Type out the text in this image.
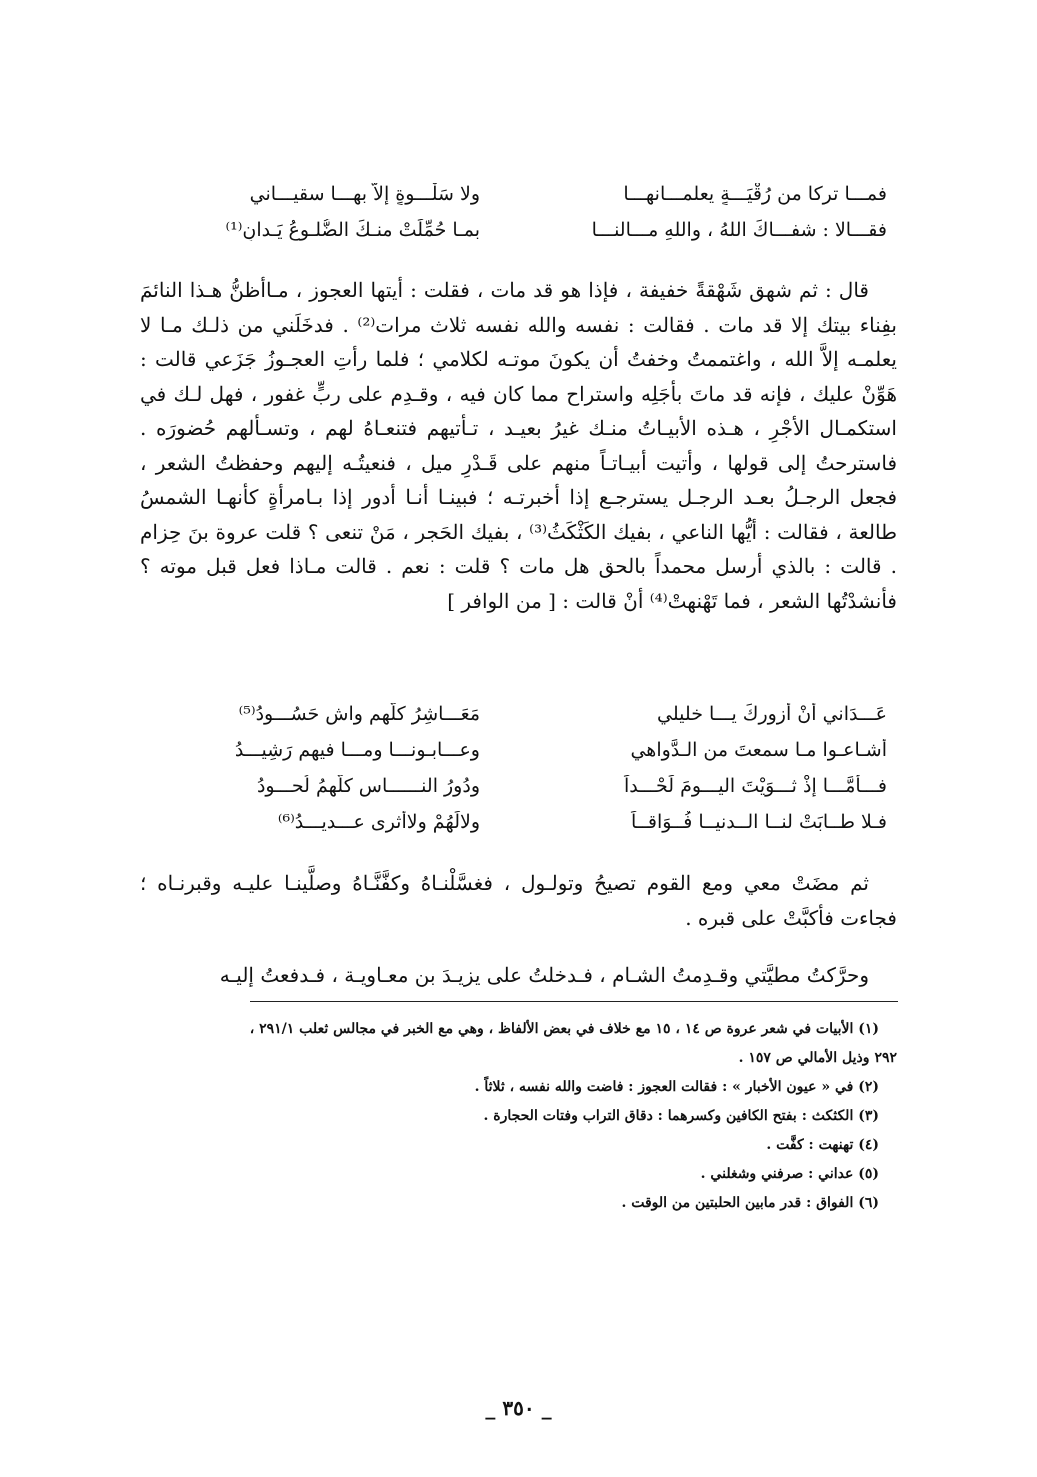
فمـــا تركا من رُقْيَـــةٍ يعلمـــانهـــا
ولا سَلْـــوةٍ إلاَّ بهـــا سقيـــاني
فقـــالا : شفـــاكَ اللهُ ، واللهِ مـــالنـــا
بمـا حُمِّلَتْ منـكَ الضُّلـوعُ يَـدانِ⁽¹⁾

قال : ثم شهق شَهْقةً خفيفة ، فإذا هو قد مات ، فقلت : أيتها العجوز ، مـاأظنُّ هـذا النائمَ بفِناء بيتك إلا قد مات . فقالت : نفسه والله نفسه ثلاث مرات⁽²⁾ . فدخَلَني من ذلـك مـا لا يعلمـه إلاَّ الله ، واغتممتُ وخفتُ أن يكونَ موتـه لكلامي ؛ فلما رأتِ العجـوزُ جَزَعي قالت : هَوِّنْ عليك ، فإنه قد ماتَ بأجَلِه واستراح مما كان فيه ، وقـدِم على ربٍّ غفور ، فهل لـك في استكمـال الأجْرِ ، هـذه الأبيـاتُ منـك غيرُ بعيـد ، تـأتيهم فتنعـاهُ لهم ، وتسـألهم حُضورَه . فاسترحتُ إلى قولها ، وأتيت أبيـاتـاً منهم على قَـدْرِ ميل ، فنعيتُـه إليهم وحفظتُ الشعر ، فجعل الرجـلُ بعـد الرجـل يسترجـع إذا أخبرتـه ؛ فبينـا أنـا أدور إذا بـامرأةٍ كأنهـا الشمسُ طالعة ، فقالت : أيُّها الناعي ، بفيك الكَثْكَثُ⁽³⁾ ، بفيك الحَجر ، مَنْ تنعى ؟ قلت عروة بنَ حِزام . قالت : بالذي أرسل محمداً بالحق هل مات ؟ قلت : نعم . قالت مـاذا فعل قبل موته ؟ فأنشدْتُها الشعر ، فما تَهْنهتْ⁽⁴⁾ أنْ قالت : [ من الوافر ]

عَـــدَاني أنْ أزوركَ يـــا خليلي
مَعَـــاشِرُ كلُّهم واشٍ حَسُـــودُ⁽⁵⁾
أشـاعـوا مـا سمعتَ من الـدَّواهي
وعـــابـونـــا ومـــا فيهم رَشِيـــدُ
فـــأمَّـــا إذْ ثـــوَيْتَ اليـــومَ لَحْـــداً
ودُورُ النــــــاسِ كلُّهمُ لُحـــودُ
فـلا طــابَتْ لنــا الــدنيــا فُــوَاقــاً
ولالَهُمْ ولاأثرى عـــديـــدُ⁽⁶⁾

ثم مضَتْ معي ومع القوم تصيحُ وتولـول ، فغسَّلْنـاهُ وكفَّنَّـاهُ وصلَّينـا عليـه وقبرنـاه ؛ فجاءت فأكبَّتْ على قبره .

وحرَّكتُ مطيَّتي وقـدِمتُ الشـام ، فـدخلتُ على يزيـدَ بن معـاويـة ، فـدفعتُ إليـه

(١) الأبيات في شعر عروة ص ١٤ ، ١٥ مع خلاف في بعض الألفاظ ، وهي مع الخبر في مجالس ثعلب ٢٩١/١ ،

٢٩٢ وذيل الأمالي ص ١٥٧ .

(٢) في « عيون الأخبار » : فقالت العجوز : فاضت والله نفسه ، ثلاثاً .

(٣) الكثكث : بفتح الكافين وكسرهما : دقاق التراب وفتات الحجارة .

(٤) تهنهت : كفَّت .

(٥) عداني : صرفني وشغلني .

(٦) الفواق : قدر مابين الحلبتين من الوقت .

_ ٣٥٠ _
